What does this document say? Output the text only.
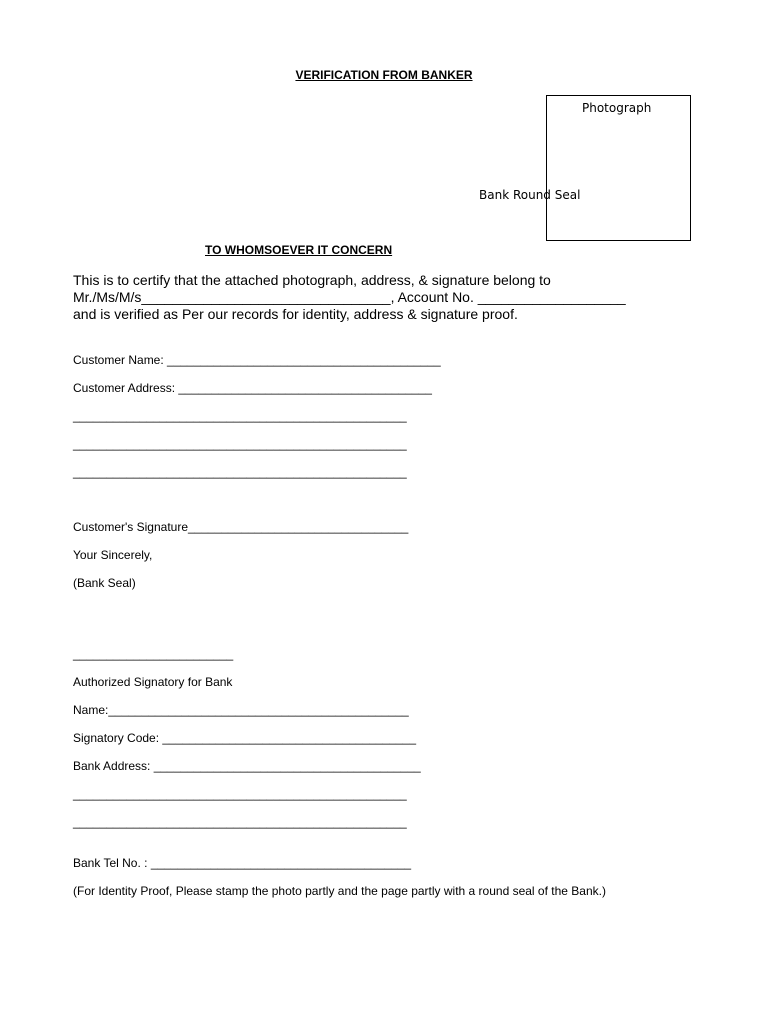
VERIFICATION FROM BANKER
Photograph
Bank Round Seal
TO WHOMSOEVER IT CONCERN
This is to certify that the attached photograph, address, & signature belong to
Mr./Ms/M/s________________________________, Account No. ___________________
and is verified as Per our records for identity, address & signature proof.
Customer Name: _________________________________________
Customer Address: ______________________________________
__________________________________________________
__________________________________________________
__________________________________________________
Customer's Signature_________________________________
Your Sincerely,
(Bank Seal)
________________________
Authorized Signatory for Bank
Name:_____________________________________________
Signatory Code: ______________________________________
Bank Address: ________________________________________
__________________________________________________
__________________________________________________
Bank Tel No. : _______________________________________
(For Identity Proof, Please stamp the photo partly and the page partly with a round seal of the Bank.)
